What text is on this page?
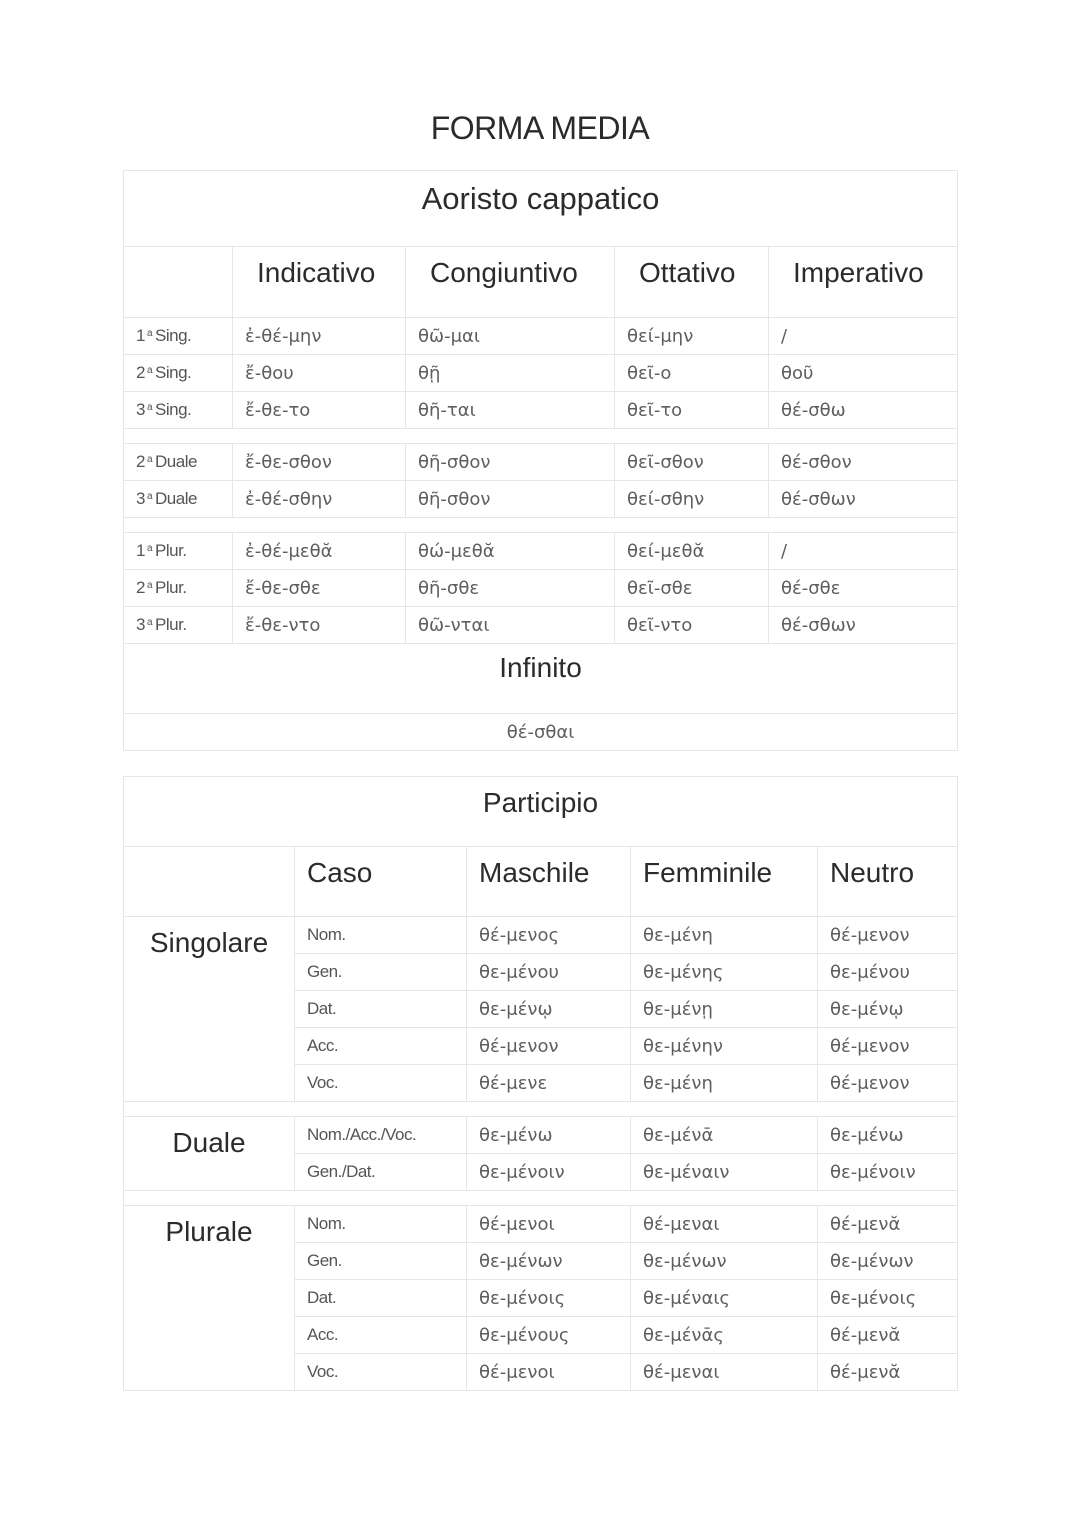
FORMA MEDIA
Aoristo cappatico				
	Indicativo	Congiuntivo	Ottativo	Imperativo
1 $^a$ Sing.	ἐ-θέ-μην	θῶ-μαι	θεί-μην	/
2 $^a$ Sing.	ἔ-θου	θῇ	θεῖ-ο	θοῦ
3 $^a$ Sing.	ἔ-θε-το	θῆ-ται	θεῖ-το	θέ-σθω

2 $^a$ Duale	ἔ-θε-σθον	θῆ-σθον	θεῖ-σθον	θέ-σθον
3 $^a$ Duale	ἐ-θέ-σθην	θῆ-σθον	θεί-σθην	θέ-σθων

1 $^a$ Plur.	ἐ-θέ-μεθᾰ	θώ-μεθᾰ	θεί-μεθᾰ	/
2 $^a$ Plur.	ἔ-θε-σθε	θῆ-σθε	θεῖ-σθε	θέ-σθε
3 $^a$ Plur.	ἔ-θε-ντο	θῶ-νται	θεῖ-ντο	θέ-σθων
Infinito				
θέ-σθαι				
Participio				
	Caso	Maschile	Femminile	Neutro
Singolare	Nom.	θέ-μενος	θε-μένη	θέ-μενον
	Gen.	θε-μένου	θε-μένης	θε-μένου
	Dat.	θε-μένῳ	θε-μένῃ	θε-μένῳ
	Acc.	θέ-μενον	θε-μένην	θέ-μενον
	Voc.	θέ-μενε	θε-μένη	θέ-μενον

Duale	Nom./Acc./Voc.	θε-μένω	θε-μένᾱ	θε-μένω
	Gen./Dat.	θε-μένοιν	θε-μέναιν	θε-μένοιν

Plurale	Nom.	θέ-μενοι	θέ-μεναι	θέ-μενᾰ
	Gen.	θε-μένων	θε-μένων	θε-μένων
	Dat.	θε-μένοις	θε-μέναις	θε-μένοις
	Acc.	θε-μένους	θε-μένᾱς	θέ-μενᾰ
	Voc.	θέ-μενοι	θέ-μεναι	θέ-μενᾰ
